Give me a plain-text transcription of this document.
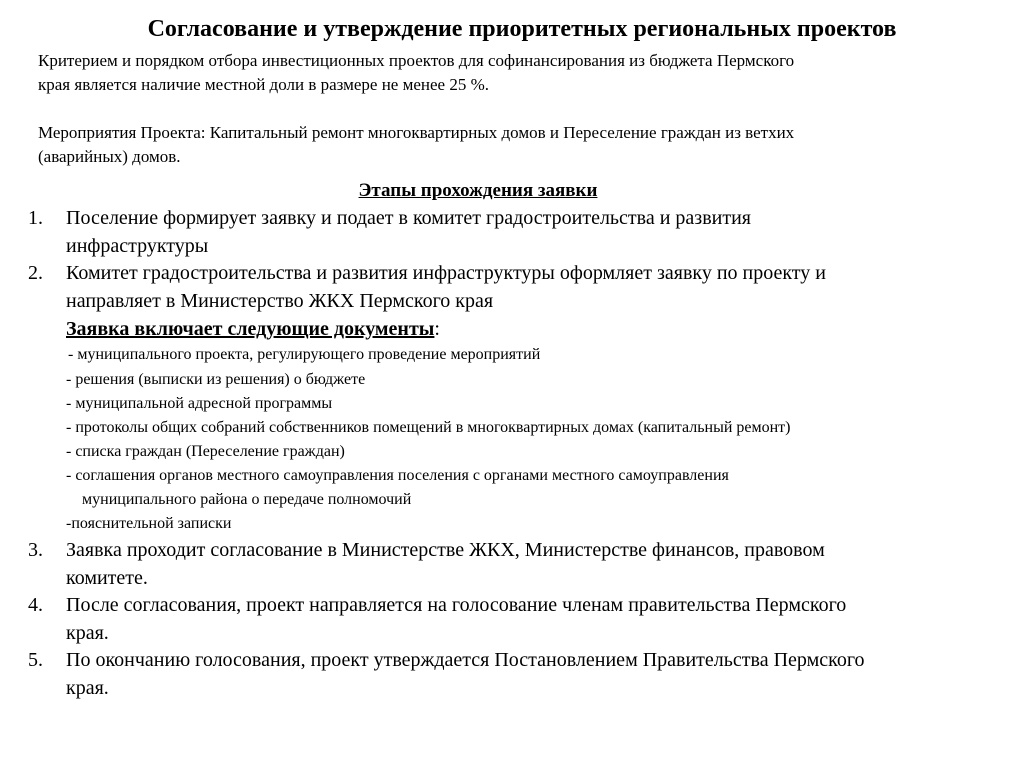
Согласование и утверждение приоритетных региональных проектов
Критерием и порядком отбора инвестиционных проектов для софинансирования из бюджета Пермского
края является наличие местной доли в размере не менее 25 %.
Мероприятия Проекта: Капитальный ремонт многоквартирных домов и Переселение граждан из ветхих
(аварийных) домов.
Этапы прохождения заявки
1. Поселение формирует заявку и подает в комитет градостроительства и развития
инфраструктуры
2. Комитет градостроительства и развития инфраструктуры оформляет заявку по проекту и
направляет в Министерство ЖКХ Пермского края
Заявка включает следующие документы:
- муниципального проекта, регулирующего проведение мероприятий
- решения (выписки из решения) о бюджете
- муниципальной адресной программы
- протоколы общих собраний собственников помещений в многоквартирных домах (капитальный ремонт)
- списка граждан (Переселение граждан)
- соглашения органов местного самоуправления поселения с органами местного самоуправления
муниципального района о передаче полномочий
-пояснительной записки
3. Заявка проходит согласование в Министерстве ЖКХ, Министерстве финансов, правовом
комитете.
4. После согласования, проект направляется на голосование членам правительства Пермского
края.
5. По окончанию голосования, проект утверждается Постановлением Правительства Пермского
края.
